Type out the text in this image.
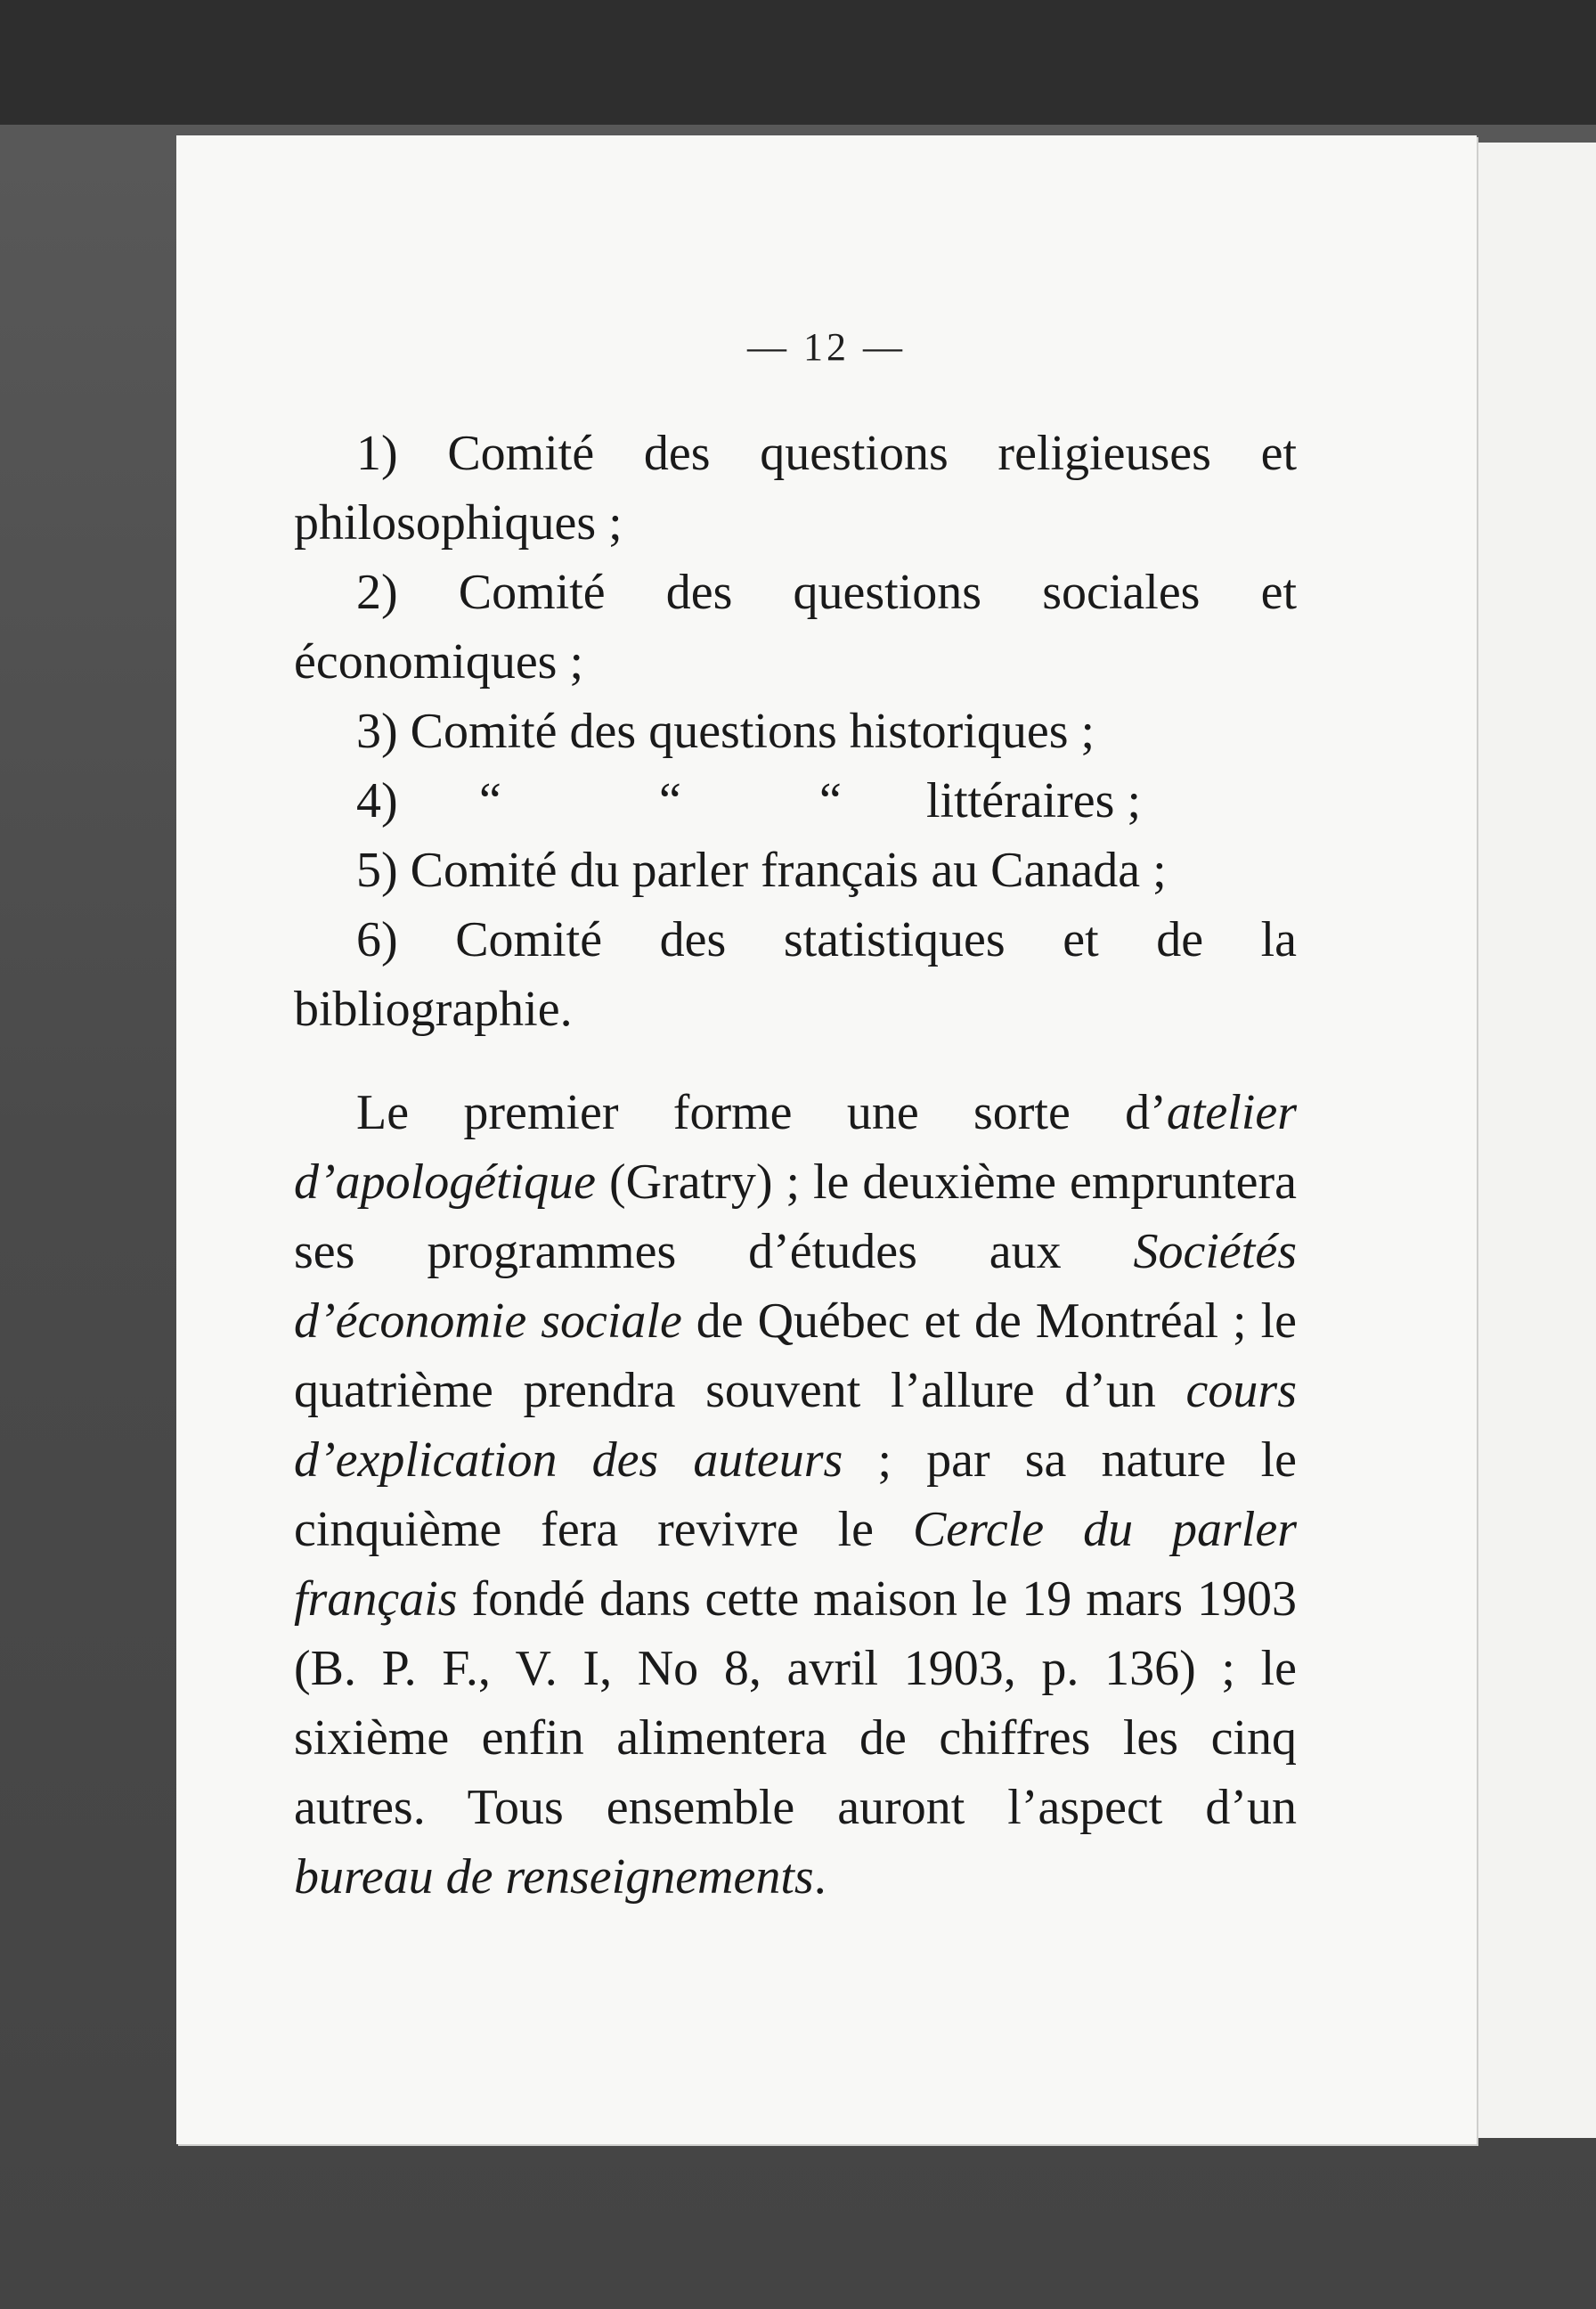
— 12 —

1) Comité des questions religieuses et philosophiques ;

2) Comité des questions sociales et économiques ;

3) Comité des questions historiques ;

4) “	“	“ littéraires ;

5) Comité du parler français au Canada ;

6) Comité des statistiques et de la bibliographie.

Le premier forme une sorte d’atelier d’apologétique (Gratry) ; le deuxième empruntera ses programmes d’études aux Sociétés d’économie sociale de Québec et de Montréal ; le quatrième prendra souvent l’allure d’un cours d’explication des auteurs ; par sa nature le cinquième fera revivre le Cercle du parler français fondé dans cette maison le 19 mars 1903 (B. P. F., V. I, No 8, avril 1903, p. 136) ; le sixième enfin alimentera de chiffres les cinq autres. Tous ensemble auront l’aspect d’un bureau de renseignements.
